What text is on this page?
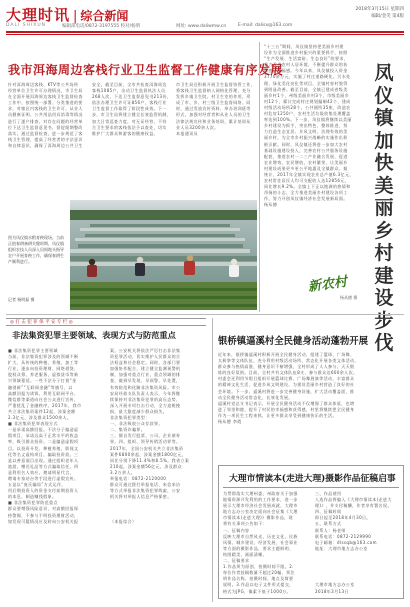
大理时讯 | 综合新闻
DALI SHIXUN	编辑部电话/0872-3197555 校对/杨明	网址: www.daliwmw.cn	E-mail: dalisx@163.com
2018年3月15日 星期四
编辑/金笑 第4版
我市洱海周边客栈行业卫生监督工作健康有序发展
针对洱海周边客栈、KTV等公共场所
经营单位卫生许可办理情况，市卫生局
在全面开展洱海周边客栈卫生监督检查
工作中，按照统一部署、分类推进的要
求，对辖区内客栈的卫生许可、从业人
员健康证明、公共用品用具消毒等情况
进行了逐户排查，对存在问题的经营单
位下达卫生监督意见书，督促限期整改
落实。通过监督检查，进一步规范了客
栈卫生管理，提高了经营者的守法意识
和自律意识，确保了洱海周边公共卫生
安全。截至目前，全市共检查洱海周边
客栈1085户，出动卫生监督执法人员
268人次，下达卫生监督意见书213份，
依法办理卫生许可证856户，客栈行业
卫生监督工作取得了阶段性成效。下一
步，市卫生局将建立健全长效监管机制，
加大日常巡查力度，对无证经营、不符
合卫生要求的客栈依法予以查处，切实
维护广大群众和游客的健康权益。
市卫生局还积极开展卫生监督协管工作，
将客栈卫生监督纳入网格化管理，充分
发挥乡镇卫生院、村卫生室的作用，形
成了市、乡、村三级卫生监督网络。同
时，通过发放宣传资料、举办培训班等
形式，加强对经营者和从业人员的卫生
法律法规宣传和业务培训，累计培训从
业人员3200余人次。
本报通讯员
图为凤仪镇水稻育秧现场。当前正值春耕备耕关键时期，凤仪镇组织农技人员深入田间地头指导农户开展育秧工作，确保春耕生产顺利进行。
记者 杨明磊 摄
凤仪镇加快美丽乡村建设步伐
“十三五”期间，凤仪镇坚持把美丽乡村建
设作为全面推进乡村振兴的重要抓手，按照
“生产发展、生活富裕、生态良好”的要求，
着力改善农村人居环境，不断提升群众的获
得感、幸福感。今年以来，凤仪镇投入资金
3770余万元，实施了村庄道路硬化、污水处
理、绿化美化亮化等项目，全镇村容村貌得
到明显改善。截至目前，全镇已建成省级美
丽乡村1个、州级美丽乡村3个，市级美丽乡
村12个，累计完成村庄规划编制42个，建成
村级活动场所28个、公共厕所35座，改造农
村危房1250户，农村生活垃圾收集处理覆盖
率达到100%。下一步，凤仪镇将继续以美丽
乡村建设为抓手，突出特色，整体推进，努
力打造生态宜居、乡风文明、治理有效的美
丽乡村，为全市乡村振兴战略的实施作出积
极贡献。同时，凤仪镇还将进一步加大农村
基础设施建设投入，完善农村公共服务设施
配套，推进农村一二三产业融合发展，促进
农业增效、农民增收、农村繁荣，让美丽乡
村建设成果更多更公平地惠及全镇群众。据
统计，2017年全镇实现农业总产值6.3亿元，
农村常住居民人均可支配收入达12856元，
同比增长9.2%。全镇上下正以饱满的热情和
昂扬的斗志，全力推进美丽乡村建设各项工
作，努力开创凤仪镇经济社会发展新局面。
杨从德
新农村
杨从德 摄
◎ 打 击 犯 罪 保 平 安 专 栏 ◎
非法集资犯罪主要领域、表现方式与防范重点
■ 非法集资犯罪主要领域
当前，非法集资犯罪涉及的领域不断
扩大，从传统的种植、养殖、加工等
行业，逐步向投资理财、网络借贷、
股权众筹、养老服务、虚拟货币等新
兴领域蔓延。一些不法分子打着“金
融创新”“互联网金融”等旗号，以
高额回报为诱饵，利用互联网平台、
微信群等渠道向社会公众进行宣传，
严重扰乱了金融秩序。2017年，我市
共立非法集资案件12起，涉案金额
2.3亿元，涉及群众1500余人。
■ 非法集资犯罪表现方式
一是承诺高额回报。不法分子编造虚
假项目，承诺远高于正常水平的收益
率，吸引群众投资。二是编造虚假项
目。以投资开发、种植养殖、影视文
化等名义虚构项目，骗取投资款。三
是以善意面目出现。通过组织老年人
旅游、赠送礼品等方式骗取信任。四
是利用名人效应。邀请明星代言、
聘请专家站台等手段进行虚假宣传。
五是以“庞氏骗局”方式运作，
用后期投资人的资金支付前期投资人
的本息，制造赚钱假象。
■ 非法集资犯罪防范重点
群众要增强风险意识，对高额回报保
持警惕，不参与不明投资理财活动，
如发现可疑情况应及时向公安机关报
案。公安机关将依法严厉打击非法集
资犯罪活动，切实维护人民群众的合
法权益和社会稳定。同时，各部门要
加强协作配合，建立健全监测预警机
制，加强对重点行业、重点领域的排
查，做到早发现、早预警、早处置，
有效防范和化解非法集资风险。市公
安局经侦支队负责人表示，今年将继
续保持对非法集资犯罪的高压态势，
深入开展专项打击行动，全力追赃挽
损，最大限度减少群众损失。
非法集资犯罪类型：
一、非法吸收公众存款罪。
二、集资诈骗罪。
三、擅自发行股票、公司、企业债券
罪。四、组织、领导传销活动罪等。
2017年，全国公安机关共立非法集资
案件6800余起，涉案金额1800亿元，
同比分别下降11.4%和8.5%。我省立案
210起，涉案金额56亿元，涉及群众
3.2万余人。
举报电话：0872-2120000
群众可通过拨打举报电话、来信来访
等方式举报非法集资犯罪线索，公安
机关将对举报人信息严格保密。
（本报综合）
银桥镇逼溪村全民健身活动蓬勃开展
近年来，银桥镇逼溪村积极开展全民健身活动，组建了篮球、广场舞、
太极拳等文体队伍，充分利用村级活动场所，常态化开展各类文体活动，
群众参与热情高涨，健身意识不断增强，全村形成了人人参与、天天锻
炼的良好氛围。目前，全村共有文体队伍8支，参与群众达600余人次。
村委会还利用节假日组织开展篮球比赛、广场舞展演等活动，丰富群众
的精神文化生活，促进乡风文明建设，为建设美丽乡村营造了良好的社
会环境。下一步，逼溪村将进一步完善健身设施，扩大活动覆盖面，推
动全民健身活动常态化、长效化发展。
逼溪村党总支书记表示，开展全民健身活动不仅增强了群众体质，也增
进了邻里和睦，提升了村民的幸福感和获得感，村里将继续把全民健身
作为一项民生工程来抓，让更多群众享受到健康快乐的生活。
杨从德 李霞
大理市情读本(走进大理)摄影作品征稿启事
为贯彻落实大理州委、州政府关于加强
地情资源开发利用的工作要求，进一步
展示大理市经济社会发展成就，大理市
地方志办公室决定面向社会征集《大理
市情读本(走进大理)》摄影作品，现
将有关事项公告如下：
一、征稿内容
反映大理市自然风光、历史文化、民族
风情、城乡建设、经济发展、社会事业
等方面的摄影作品，要求主题鲜明、
构图精美、画面清晰。
二、征稿要求
1.作品须为原创，拍摄时间不限。2.
每位作者投稿数量不超过20幅，须注
明作品名称、拍摄时间、地点及简要
说明。3.作品以电子文件形式提交，
格式为JPG，像素不低于1000万。
三、作品使用
入选作品将编入《大理市情读本(走进大
理)》，并支付稿酬，作者享有署名权。
四、征稿时间
即日起至2018年4月30日。
五、联系方式
联系人：杨老师
联系电话：0872-2129990
电子邮箱：dlssqb@163.com
地址：大理市地方志办公室
大理市地方志办公室
2018年3月13日
